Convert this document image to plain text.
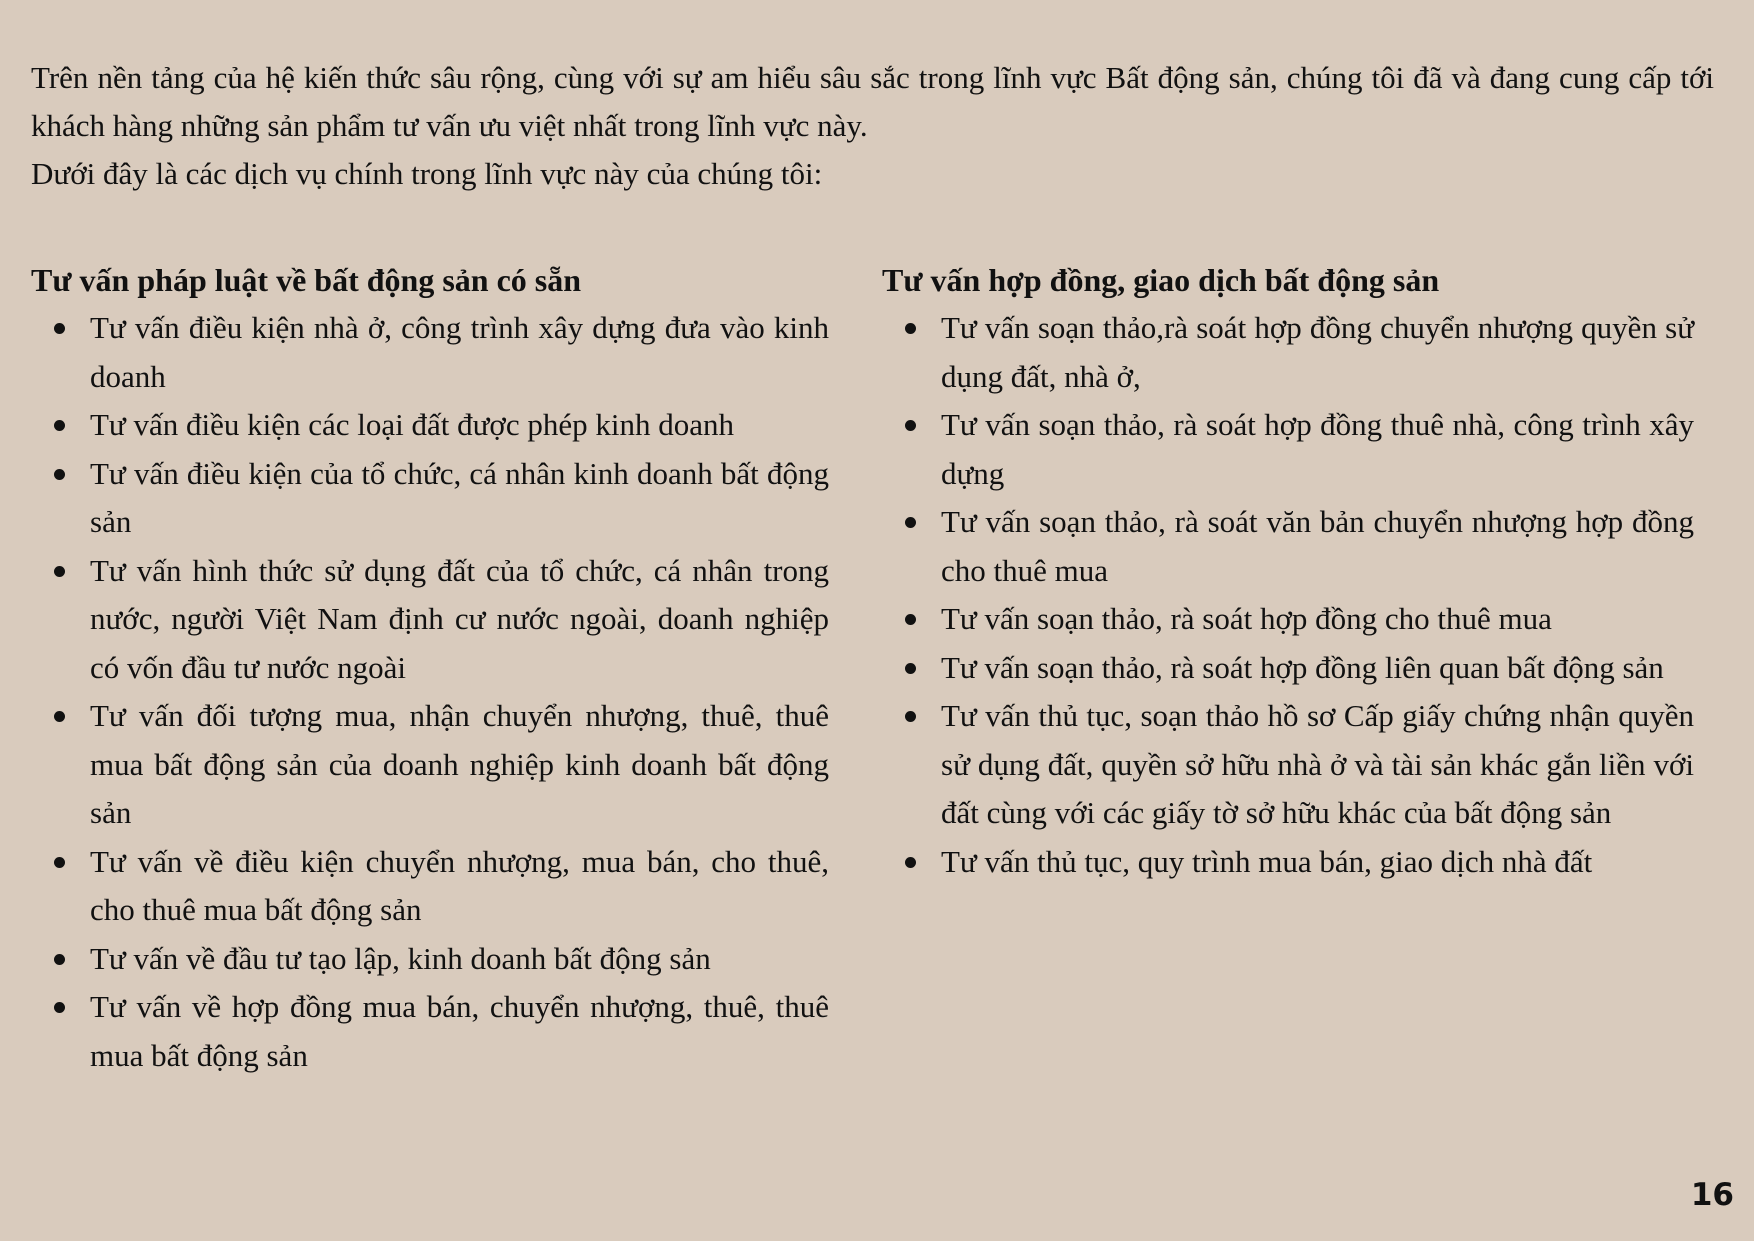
Trên nền tảng của hệ kiến thức sâu rộng, cùng với sự am hiểu sâu sắc trong lĩnh vực Bất động sản, chúng tôi đã và đang cung cấp tới khách hàng những sản phẩm tư vấn ưu việt nhất trong lĩnh vực này.

Dưới đây là các dịch vụ chính trong lĩnh vực này của chúng tôi:

Tư vấn pháp luật về bất động sản có sẵn
Tư vấn điều kiện nhà ở, công trình xây dựng đưa vào kinh doanh
Tư vấn điều kiện các loại đất được phép kinh doanh
Tư vấn điều kiện của tổ chức, cá nhân kinh doanh bất động sản
Tư vấn hình thức sử dụng đất của tổ chức, cá nhân trong nước, người Việt Nam định cư nước ngoài, doanh nghiệp có vốn đầu tư nước ngoài
Tư vấn đối tượng mua, nhận chuyển nhượng, thuê, thuê mua bất động sản của doanh nghiệp kinh doanh bất động sản
Tư vấn về điều kiện chuyển nhượng, mua bán, cho thuê, cho thuê mua bất động sản
Tư vấn về đầu tư tạo lập, kinh doanh bất động sản
Tư vấn về hợp đồng mua bán, chuyển nhượng, thuê, thuê mua bất động sản
Tư vấn hợp đồng, giao dịch bất động sản
Tư vấn soạn thảo,rà soát hợp đồng chuyển nhượng quyền sử dụng đất, nhà ở,
Tư vấn soạn thảo, rà soát hợp đồng thuê nhà, công trình xây dựng
Tư vấn soạn thảo, rà soát văn bản chuyển nhượng hợp đồng cho thuê mua
Tư vấn soạn thảo, rà soát hợp đồng cho thuê mua
Tư vấn soạn thảo, rà soát hợp đồng liên quan bất động sản
Tư vấn thủ tục, soạn thảo hồ sơ Cấp giấy chứng nhận quyền sử dụng đất, quyền sở hữu nhà ở và tài sản khác gắn liền với đất cùng với các giấy tờ sở hữu khác của bất động sản
Tư vấn thủ tục, quy trình mua bán, giao dịch nhà đất
16
